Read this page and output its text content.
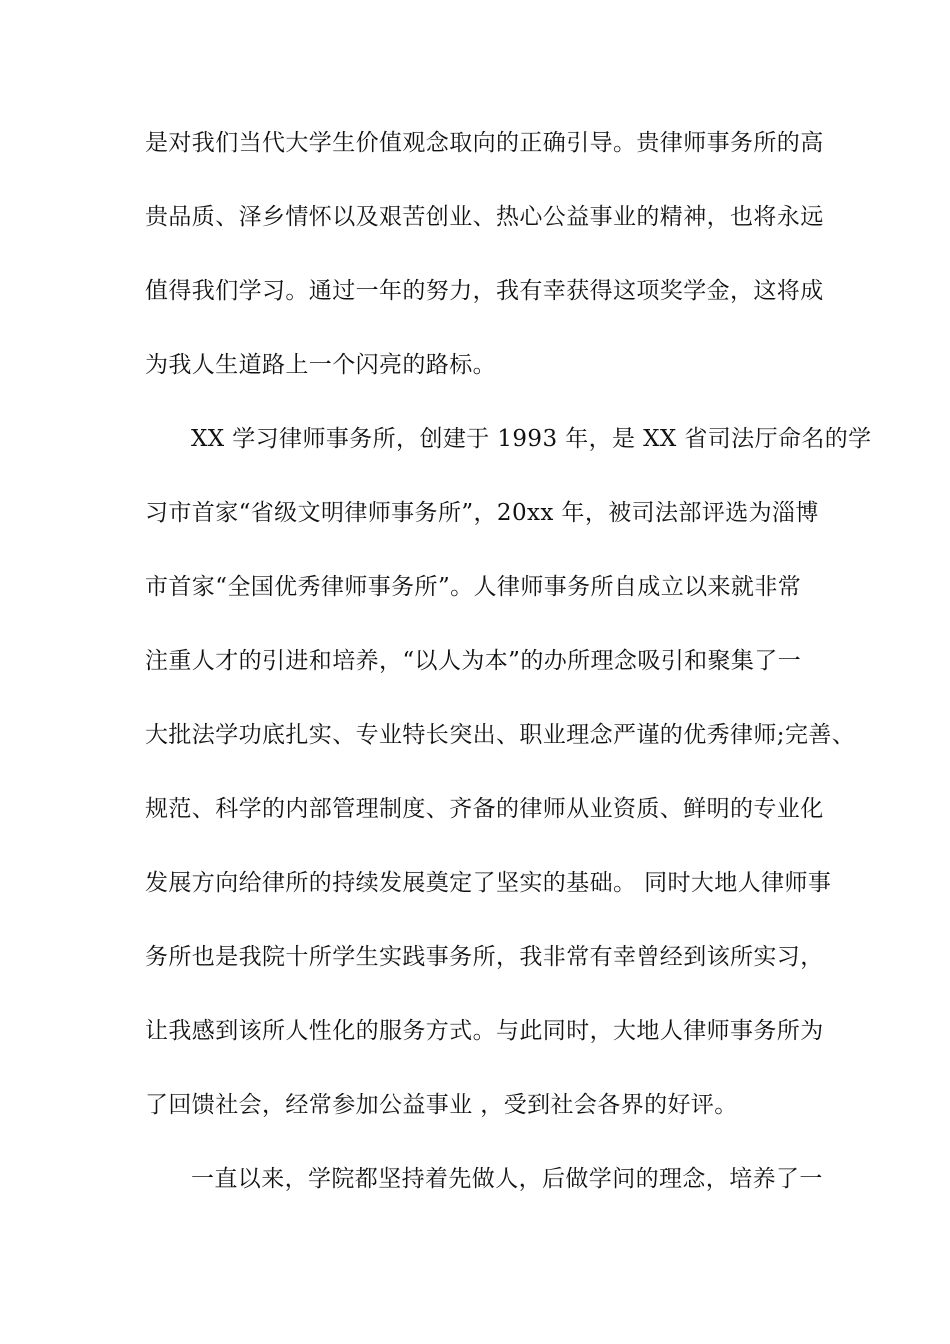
是对我们当代大学生价值观念取向的正确引导。贵律师事务所的高
贵品质、泽乡情怀以及艰苦创业、热心公益事业的精神，也将永远
值得我们学习。通过一年的努力，我有幸获得这项奖学金，这将成
为我人生道路上一个闪亮的路标。
XX 学习律师事务所，创建于 1993 年，是 XX 省司法厅命名的学
习市首家“省级文明律师事务所”，20xx 年，被司法部评选为淄博
市首家“全国优秀律师事务所”。人律师事务所自成立以来就非常
注重人才的引进和培养，“以人为本”的办所理念吸引和聚集了一
大批法学功底扎实、专业特长突出、职业理念严谨的优秀律师;完善、
规范、科学的内部管理制度、齐备的律师从业资质、鲜明的专业化
发展方向给律所的持续发展奠定了坚实的基础。 同时大地人律师事
务所也是我院十所学生实践事务所，我非常有幸曾经到该所实习，
让我感到该所人性化的服务方式。与此同时，大地人律师事务所为
了回馈社会，经常参加公益事业 ，受到社会各界的好评。
一直以来，学院都坚持着先做人，后做学问的理念，培养了一
